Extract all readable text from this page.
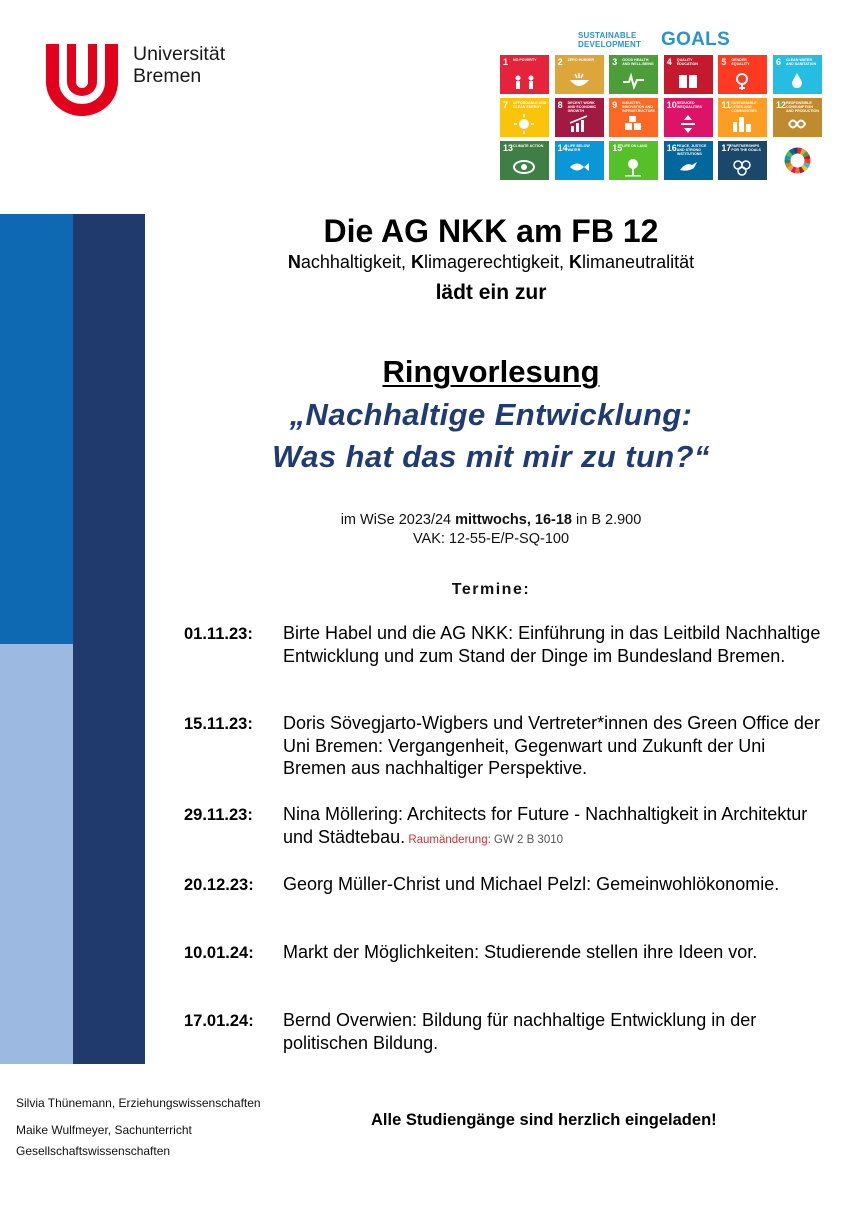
Universität
Bremen
SUSTAINABLE
DEVELOPMENT GOALS
1 NO POVERTY	2 ZERO HUNGER	3 GOOD HEALTH AND WELL-BEING 4 QUALITY EDUCATION	5 GENDER EQUALITY	6 CLEAN WATER AND SANITATION
7 AFFORDABLE AND CLEAN ENERGY	8 DECENT WORK AND ECONOMIC GROWTH
9 INDUSTRY, INNOVATION AND INFRASTRUCTURE
10 REDUCED INEQUALITIES	11 SUSTAINABLE CITIES AND COMMUNITIES
12 RESPONSIBLE CONSUMPTION AND PRODUCTION
13 CLIMATE ACTION	14 LIFE BELOW WATER	15 LIFE ON LAND	16 PEACE, JUSTICE AND STRONG INSTITUTIONS
17 PARTNERSHIPS FOR THE GOALS
Die AG NKK am FB 12
Nachhaltigkeit, Klimagerechtigkeit, Klimaneutralität
lädt ein zur
Ringvorlesung
„Nachhaltige Entwicklung:
Was hat das mit mir zu tun?“
im WiSe 2023/24 mittwochs, 16-18 in B 2.900
VAK: 12-55-E/P-SQ-100
Termine:
01.11.23:	Birte Habel und die AG NKK: Einführung in das Leitbild Nachhaltige Entwicklung und zum Stand der Dinge im Bundesland Bremen.
15.11.23:	Doris Sövegjarto-Wigbers und Vertreter*innen des Green Office der Uni Bremen: Vergangenheit, Gegenwart und Zukunft der Uni Bremen aus nachhaltiger Perspektive.
29.11.23:	Nina Möllering: Architects for Future - Nachhaltigkeit in Architektur und Städtebau. Raumänderung: GW 2 B 3010
20.12.23:	Georg Müller-Christ und Michael Pelzl: Gemeinwohlökonomie.
10.01.24:	Markt der Möglichkeiten: Studierende stellen ihre Ideen vor.
17.01.24:	Bernd Overwien: Bildung für nachhaltige Entwicklung in der politischen Bildung.
Silvia Thünemann, Erziehungswissenschaften
Maike Wulfmeyer, Sachunterricht
Gesellschaftswissenschaften
Alle Studiengänge sind herzlich eingeladen!
